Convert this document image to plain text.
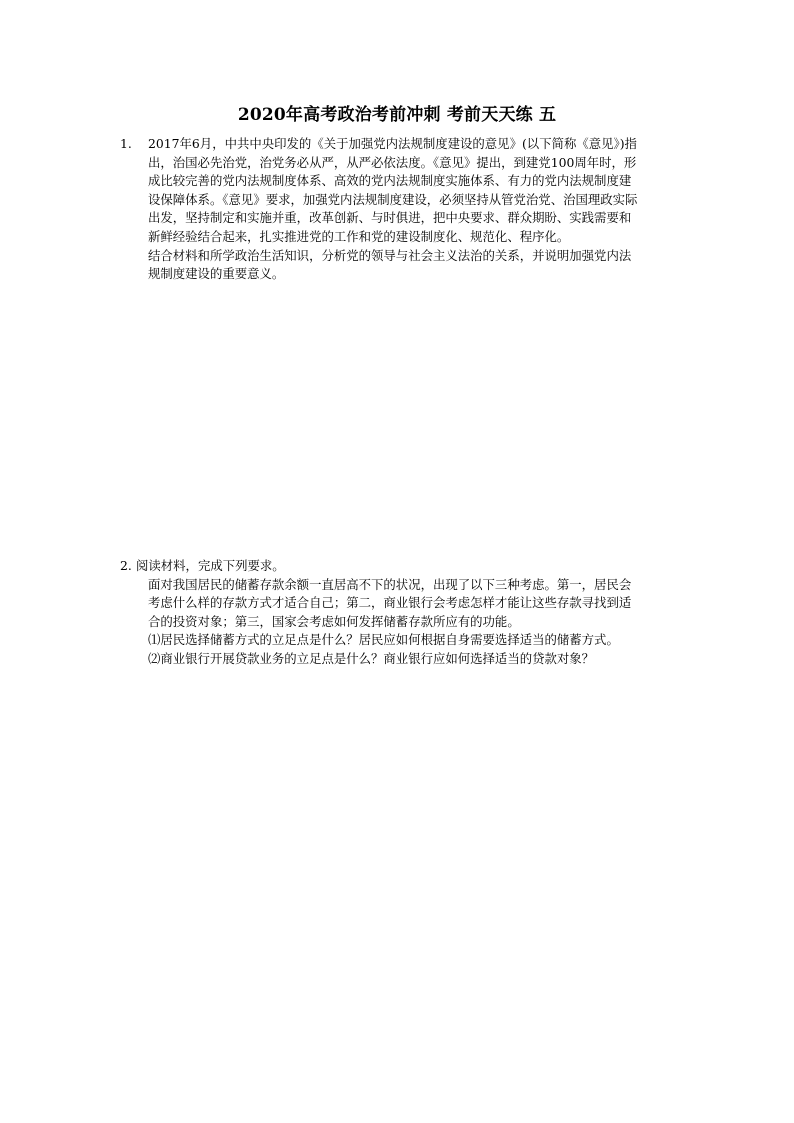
2020年高考政治考前冲刺 考前天天练 五
1. 2017年6月，中共中央印发的《关于加强党内法规制度建设的意见》(以下简称《意见》)指
出，治国必先治党，治党务必从严，从严必依法度。《意见》提出，到建党100周年时，形
成比较完善的党内法规制度体系、高效的党内法规制度实施体系、有力的党内法规制度建
设保障体系。《意见》要求，加强党内法规制度建设，必须坚持从管党治党、治国理政实际
出发，坚持制定和实施并重，改革创新、与时俱进，把中央要求、群众期盼、实践需要和
新鲜经验结合起来，扎实推进党的工作和党的建设制度化、规范化、程序化。
结合材料和所学政治生活知识，分析党的领导与社会主义法治的关系，并说明加强党内法
规制度建设的重要意义。
2. 阅读材料，完成下列要求。
面对我国居民的储蓄存款余额一直居高不下的状况，出现了以下三种考虑。第一，居民会
考虑什么样的存款方式才适合自己；第二，商业银行会考虑怎样才能让这些存款寻找到适
合的投资对象；第三，国家会考虑如何发挥储蓄存款所应有的功能。
⑴居民选择储蓄方式的立足点是什么？居民应如何根据自身需要选择适当的储蓄方式。
⑵商业银行开展贷款业务的立足点是什么？商业银行应如何选择适当的贷款对象？
